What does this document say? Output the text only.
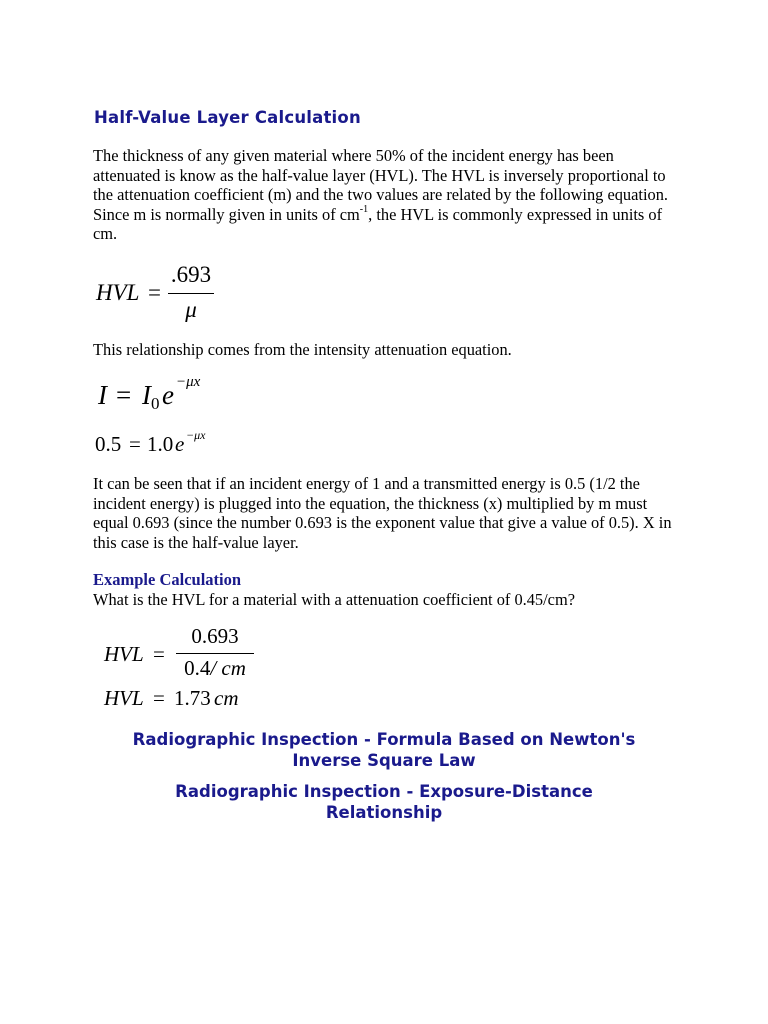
Half-Value Layer Calculation

The thickness of any given material where 50% of the incident energy has been attenuated is know as the half-value layer (HVL). The HVL is inversely proportional to the attenuation coefficient (m) and the two values are related by the following equation. Since m is normally given in units of $cm^{-1}$, the HVL is commonly expressed in units of cm.

HVL =
.693
μ

This relationship comes from the intensity attenuation equation.

I = I 0 e −μx
0.5 = 1.0 e −μx

It can be seen that if an incident energy of 1 and a transmitted energy is 0.5 (1/2 the incident energy) is plugged into the equation, the thickness (x) multiplied by m must equal 0.693 (since the number 0.693 is the exponent value that give a value of 0.5). X in this case is the half-value layer.

Example Calculation

What is the HVL for a material with a attenuation coefficient of 0.45/cm?

HVL =
0.693
0.4/ cm
HVL = 1.73 cm
Radiographic Inspection - Formula Based on Newton's Inverse Square Law
Radiographic Inspection - Exposure-Distance Relationship
